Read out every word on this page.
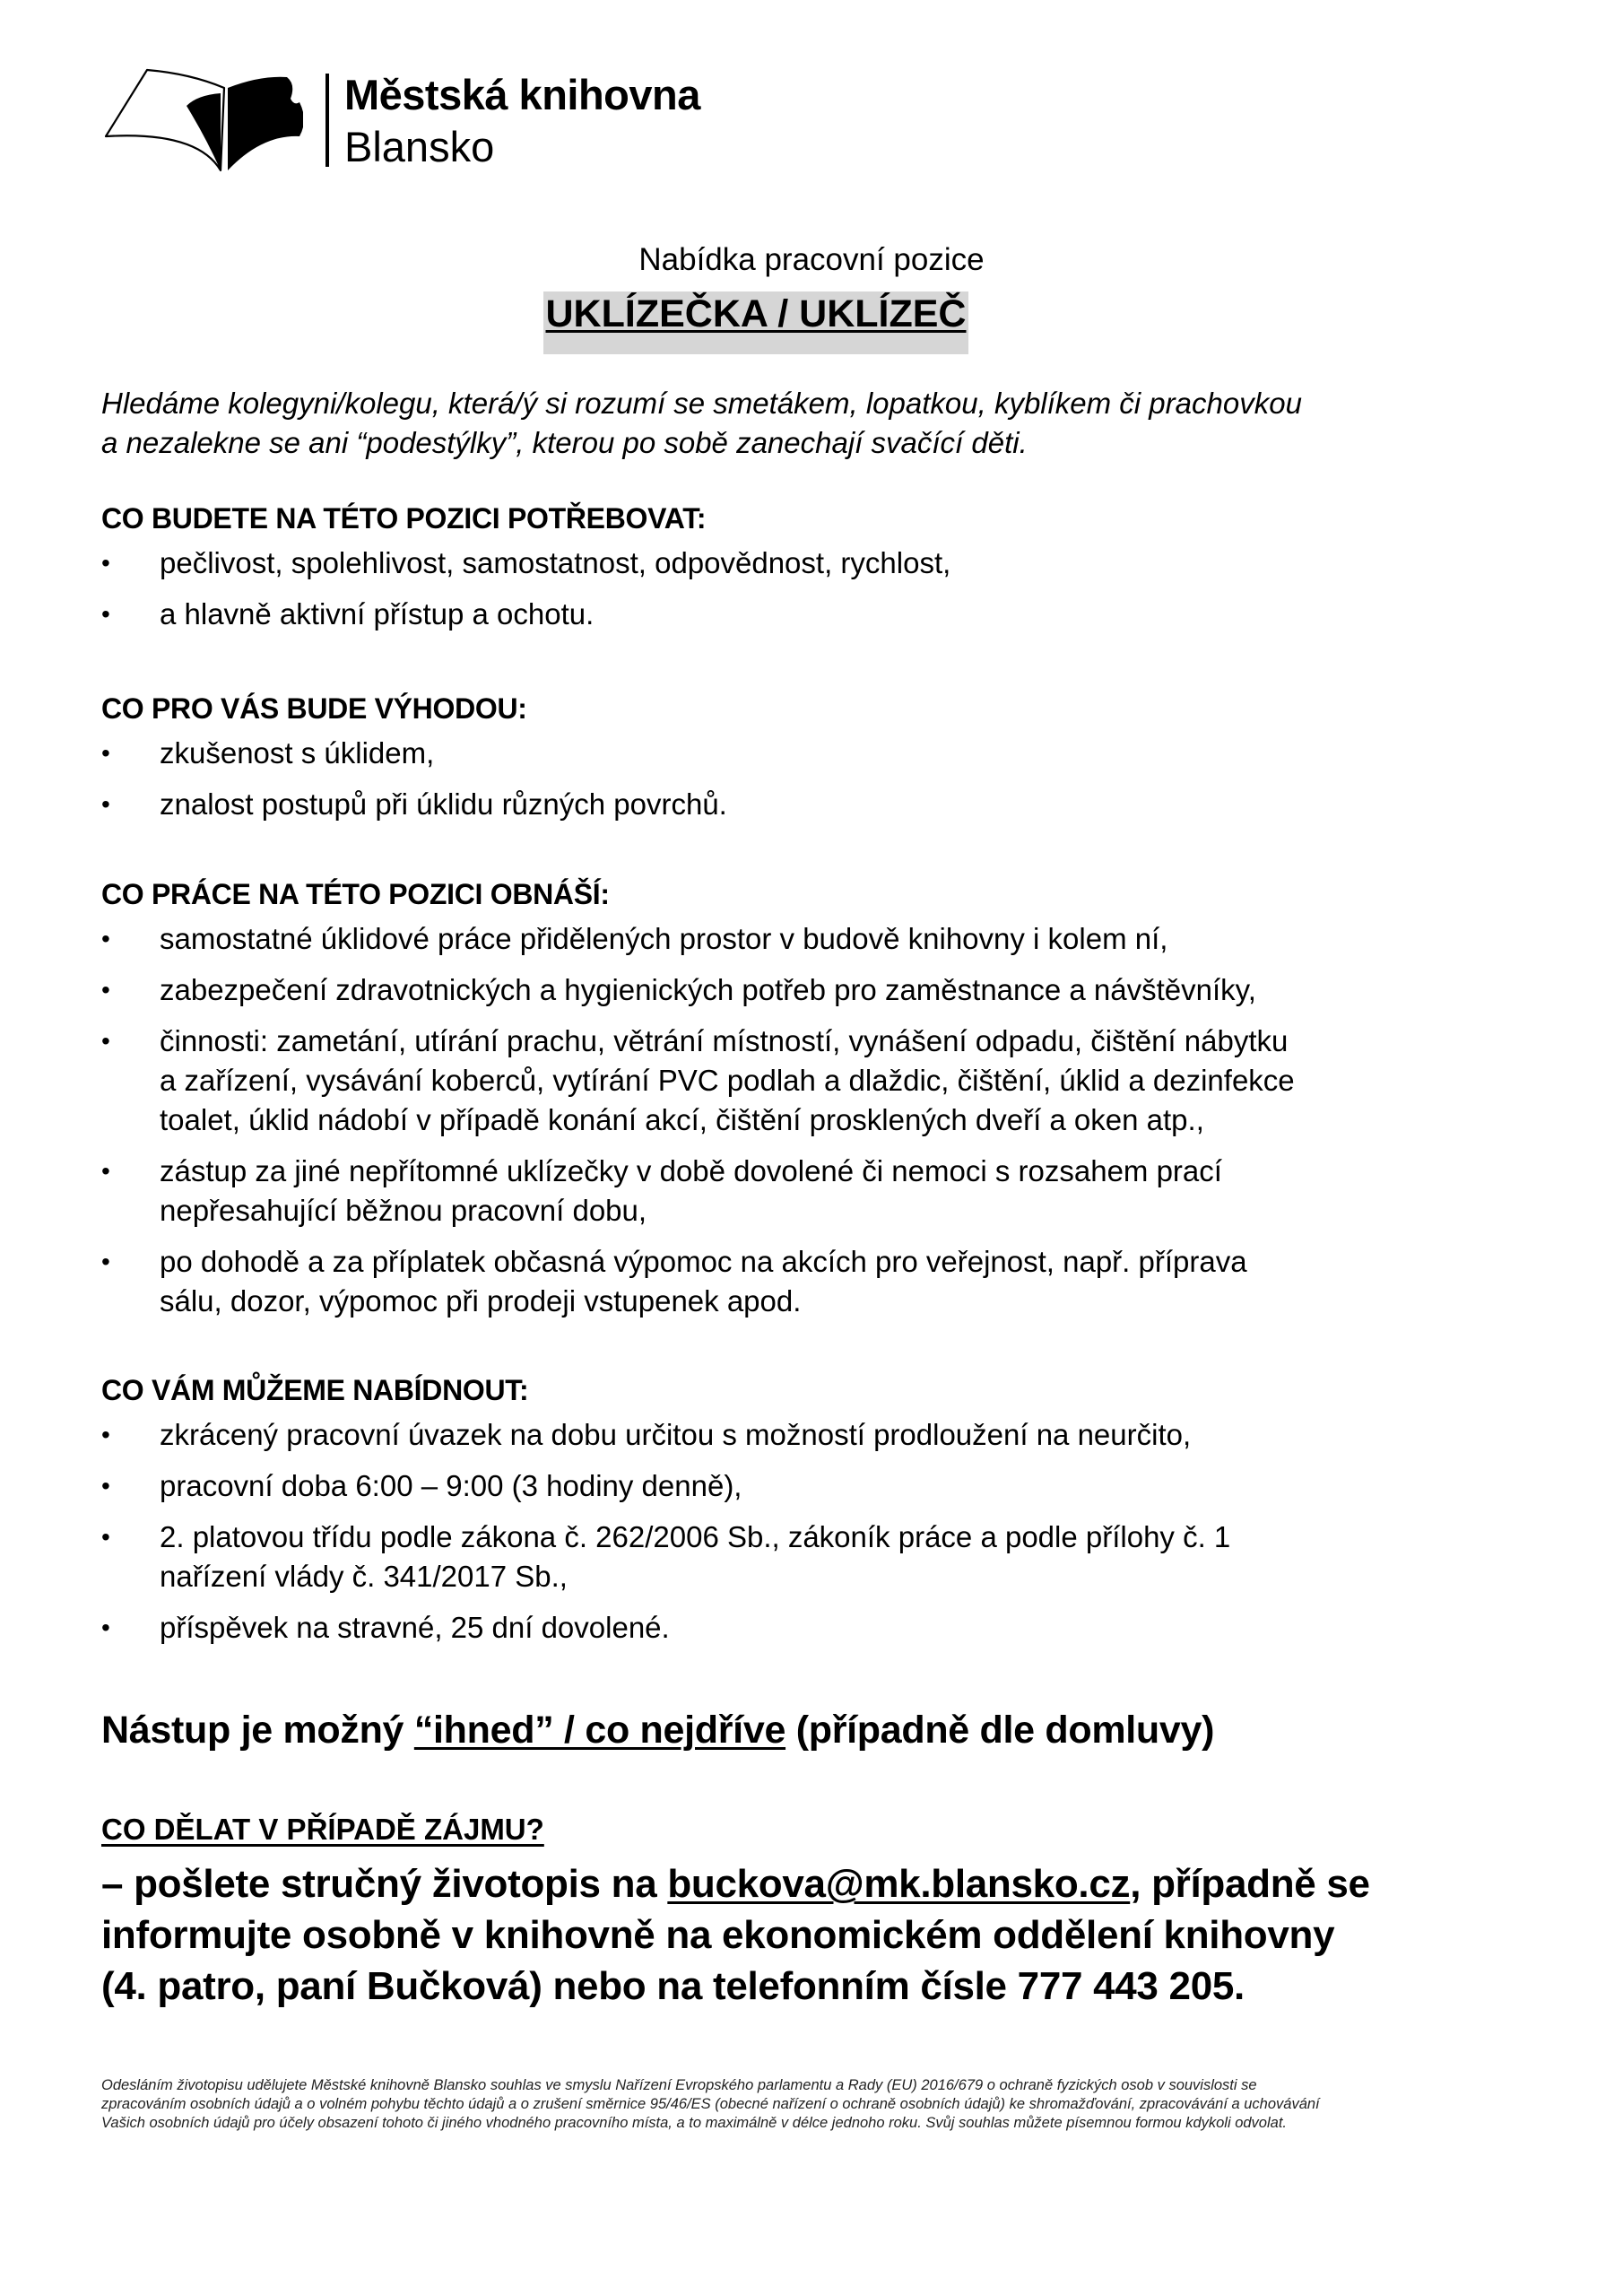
Městská knihovna
Blansko
Nabídka pracovní pozice
UKLÍZEČKA / UKLÍZEČ
Hledáme kolegyni/kolegu, která/ý si rozumí se smetákem, lopatkou, kyblíkem či prachovkou
a nezalekne se ani “podestýlky”, kterou po sobě zanechají svačící děti.
CO BUDETE NA TÉTO POZICI POTŘEBOVAT:
• pečlivost, spolehlivost, samostatnost, odpovědnost, rychlost,
• a hlavně aktivní přístup a ochotu.
CO PRO VÁS BUDE VÝHODOU:
• zkušenost s úklidem,
• znalost postupů při úklidu různých povrchů.
CO PRÁCE NA TÉTO POZICI OBNÁŠÍ:
• samostatné úklidové práce přidělených prostor v budově knihovny i kolem ní,
• zabezpečení zdravotnických a hygienických potřeb pro zaměstnance a návštěvníky,
• činnosti: zametání, utírání prachu, větrání místností, vynášení odpadu, čištění nábytku
a zařízení, vysávání koberců, vytírání PVC podlah a dlaždic, čištění, úklid a dezinfekce
toalet, úklid nádobí v případě konání akcí, čištění prosklených dveří a oken atp.,
• zástup za jiné nepřítomné uklízečky v době dovolené či nemoci s rozsahem prací
nepřesahující běžnou pracovní dobu,
• po dohodě a za příplatek občasná výpomoc na akcích pro veřejnost, např. příprava
sálu, dozor, výpomoc při prodeji vstupenek apod.
CO VÁM MŮŽEME NABÍDNOUT:
• zkrácený pracovní úvazek na dobu určitou s možností prodloužení na neurčito,
• pracovní doba 6:00 – 9:00 (3 hodiny denně),
• 2. platovou třídu podle zákona č. 262/2006 Sb., zákoník práce a podle přílohy č. 1
nařízení vlády č. 341/2017 Sb.,
• příspěvek na stravné, 25 dní dovolené.
Nástup je možný “ihned” / co nejdříve (případně dle domluvy)
CO DĚLAT V PŘÍPADĚ ZÁJMU?
– pošlete stručný životopis na buckova@mk.blansko.cz, případně se
informujte osobně v knihovně na ekonomickém oddělení knihovny
(4. patro, paní Bučková) nebo na telefonním čísle 777 443 205.
Odesláním životopisu udělujete Městské knihovně Blansko souhlas ve smyslu Nařízení Evropského parlamentu a Rady (EU) 2016/679 o ochraně fyzických osob v souvislosti se
zpracováním osobních údajů a o volném pohybu těchto údajů a o zrušení směrnice 95/46/ES (obecné nařízení o ochraně osobních údajů) ke shromažďování, zpracovávání a uchovávání
Vašich osobních údajů pro účely obsazení tohoto či jiného vhodného pracovního místa, a to maximálně v délce jednoho roku. Svůj souhlas můžete písemnou formou kdykoli odvolat.
